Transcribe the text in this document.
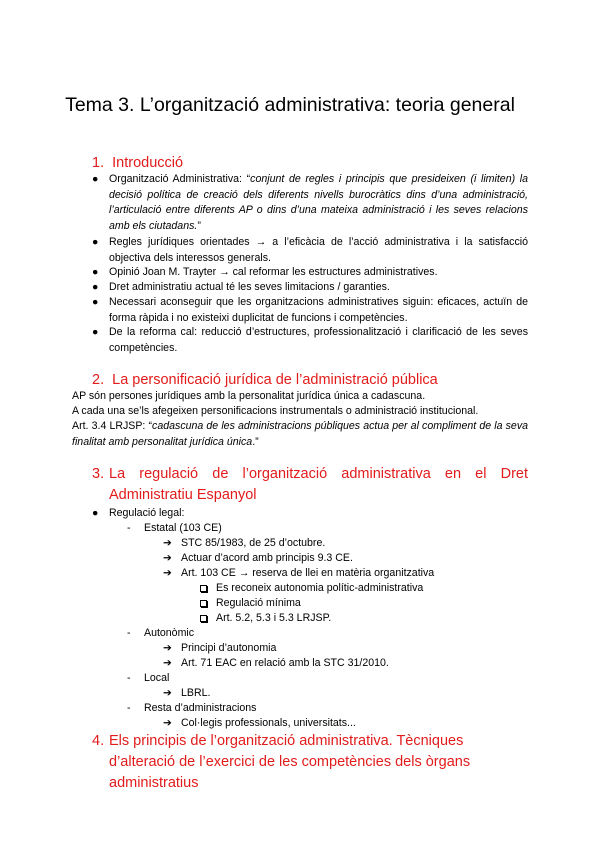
Tema 3. L’organització administrativa: teoria general
1. Introducció
● Organització Administrativa: “conjunt de regles i principis que presideixen (i limiten) la decisió política de creació dels diferents nivells burocràtics dins d’una administració, l’articulació entre diferents AP o dins d’una mateixa administració i les seves relacions amb els ciutadans.”
● Regles jurídiques orientades → a l’eficàcia de l’acció administrativa i la satisfacció objectiva dels interessos generals.
● Opinió Joan M. Trayter → cal reformar les estructures administratives.
● Dret administratiu actual té les seves limitacions / garanties.
● Necessari aconseguir que les organitzacions administratives siguin: eficaces, actuïn de forma ràpida i no existeixi duplicitat de funcions i competències.
● De la reforma cal: reducció d’estructures, professionalització i clarificació de les seves competències.
2. La personificació jurídica de l’administració pública
AP són persones jurídiques amb la personalitat jurídica única a cadascuna.
A cada una se’ls afegeixen personificacions instrumentals o administració institucional.
Art. 3.4 LRJSP: “cadascuna de les administracions públiques actua per al compliment de la seva finalitat amb personalitat jurídica única.”
3. La regulació de l’organització administrativa en el Dret Administratiu Espanyol
● Regulació legal:
- Estatal (103 CE)
➔ STC 85/1983, de 25 d’octubre.
➔ Actuar d’acord amb principis 9.3 CE.
➔ Art. 103 CE → reserva de llei en matèria organitzativa
Es reconeix autonomia polític-administrativa
Regulació mínima
Art. 5.2, 5.3 i 5.3 LRJSP.
- Autonòmic
➔ Principi d’autonomia
➔ Art. 71 EAC en relació amb la STC 31/2010.
- Local
➔ LBRL.
- Resta d’administracions
➔ Col·legis professionals, universitats...
4. Els principis de l’organització administrativa. Tècniques d’alteració de l’exercici de les competències dels òrgans administratius
